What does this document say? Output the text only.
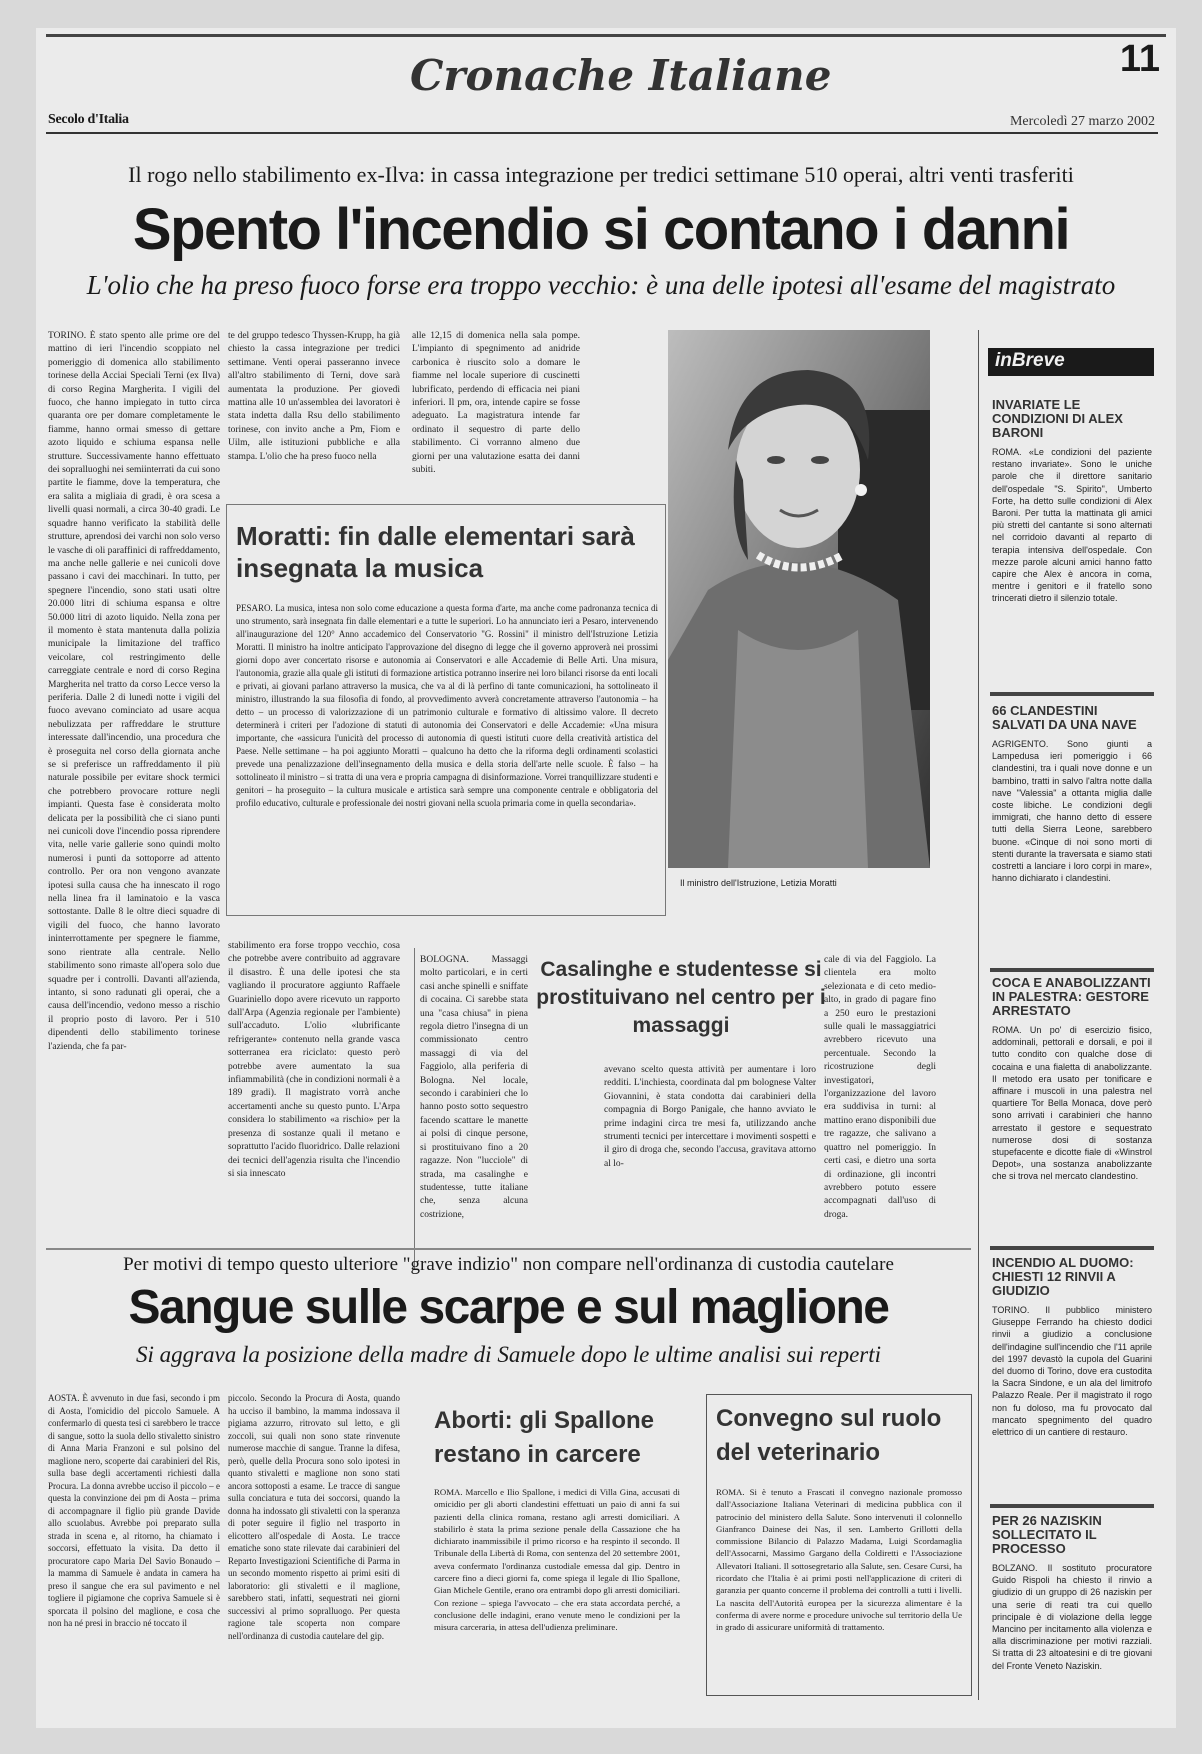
Cronache Italiane	11
Secolo d'Italia	Mercoledì 27 marzo 2002
Il rogo nello stabilimento ex-Ilva: in cassa integrazione per tredici settimane 510 operai, altri venti trasferiti
Spento l'incendio si contano i danni
L'olio che ha preso fuoco forse era troppo vecchio: è una delle ipotesi all'esame del magistrato

TORINO. È stato spento alle prime ore del mattino di ieri l'incendio scoppiato nel pomeriggio di domenica allo stabilimento torinese della Acciai Speciali Terni (ex Ilva) di corso Regina Margherita. I vigili del fuoco, che hanno impiegato in tutto circa quaranta ore per domare completamente le fiamme, hanno ormai smesso di gettare azoto liquido e schiuma espansa nelle strutture. Successivamente hanno effettuato dei sopralluoghi nei semiinterrati da cui sono partite le fiamme, dove la temperatura, che era salita a migliaia di gradi, è ora scesa a livelli quasi normali, a circa 30-40 gradi. Le squadre hanno verificato la stabilità delle strutture, aprendosi dei varchi non solo verso le vasche di oli paraffinici di raffreddamento, ma anche nelle gallerie e nei cunicoli dove passano i cavi dei macchinari. In tutto, per spegnere l'incendio, sono stati usati oltre 20.000 litri di schiuma espansa e oltre 50.000 litri di azoto liquido. Nella zona per il momento è stata mantenuta dalla polizia municipale la limitazione del traffico veicolare, col restringimento delle carreggiate centrale e nord di corso Regina Margherita nel tratto da corso Lecce verso la periferia. Dalle 2 di lunedì notte i vigili del fuoco avevano cominciato ad usare acqua nebulizzata per raffreddare le strutture interessate dall'incendio, una procedura che è proseguita nel corso della giornata anche se si preferisce un raffreddamento il più naturale possibile per evitare shock termici che potrebbero provocare rotture negli impianti. Questa fase è considerata molto delicata per la possibilità che ci siano punti nei cunicoli dove l'incendio possa riprendere vita, nelle varie gallerie sono quindi molto numerosi i punti da sottoporre ad attento controllo. Per ora non vengono avanzate ipotesi sulla causa che ha innescato il rogo nella linea fra il laminatoio e la vasca sottostante. Dalle 8 le oltre dieci squadre di vigili del fuoco, che hanno lavorato ininterrottamente per spegnere le fiamme, sono rientrate alla centrale. Nello stabilimento sono rimaste all'opera solo due squadre per i controlli. Davanti all'azienda, intanto, si sono radunati gli operai, che a causa dell'incendio, vedono messo a rischio il proprio posto di lavoro. Per i 510 dipendenti dello stabilimento torinese l'azienda, che fa par-

te del gruppo tedesco Thyssen-Krupp, ha già chiesto la cassa integrazione per tredici settimane. Venti operai passeranno invece all'altro stabilimento di Terni, dove sarà aumentata la produzione. Per giovedì mattina alle 10 un'assemblea dei lavoratori è stata indetta dalla Rsu dello stabilimento torinese, con invito anche a Pm, Fiom e Uilm, alle istituzioni pubbliche e alla stampa. L'olio che ha preso fuoco nella

alle 12,15 di domenica nella sala pompe. L'impianto di spegnimento ad anidride carbonica è riuscito solo a domare le fiamme nel locale superiore di cuscinetti lubrificato, perdendo di efficacia nei piani inferiori. Il pm, ora, intende capire se fosse adeguato. La magistratura intende far ordinato il sequestro di parte dello stabilimento. Ci vorranno almeno due giorni per una valutazione esatta dei danni subiti.

stabilimento era forse troppo vecchio, cosa che potrebbe avere contribuito ad aggravare il disastro. È una delle ipotesi che sta vagliando il procuratore aggiunto Raffaele Guariniello dopo avere ricevuto un rapporto dall'Arpa (Agenzia regionale per l'ambiente) sull'accaduto. L'olio «lubrificante refrigerante» contenuto nella grande vasca sotterranea era riciclato: questo però potrebbe avere aumentato la sua infiammabilità (che in condizioni normali è a 189 gradi). Il magistrato vorrà anche accertamenti anche su questo punto. L'Arpa considera lo stabilimento «a rischio» per la presenza di sostanze quali il metano e soprattutto l'acido fluoridrico. Dalle relazioni dei tecnici dell'agenzia risulta che l'incendio si sia innescato

Moratti: fin dalle elementari sarà insegnata la musica

PESARO. La musica, intesa non solo come educazione a questa forma d'arte, ma anche come padronanza tecnica di uno strumento, sarà insegnata fin dalle elementari e a tutte le superiori. Lo ha annunciato ieri a Pesaro, intervenendo all'inaugurazione del 120° Anno accademico del Conservatorio "G. Rossini" il ministro dell'Istruzione Letizia Moratti. Il ministro ha inoltre anticipato l'approvazione del disegno di legge che il governo approverà nei prossimi giorni dopo aver concertato risorse e autonomia ai Conservatori e alle Accademie di Belle Arti. Una misura, l'autonomia, grazie alla quale gli istituti di formazione artistica potranno inserire nei loro bilanci risorse da enti locali e privati, ai giovani parlano attraverso la musica, che va al di là perfino di tante comunicazioni, ha sottolineato il ministro, illustrando la sua filosofia di fondo, al provvedimento avverà concretamente attraverso l'autonomia – ha detto – un processo di valorizzazione di un patrimonio culturale e formativo di altissimo valore. Il decreto determinerà i criteri per l'adozione di statuti di autonomia dei Conservatori e delle Accademie: «Una misura importante, che «assicura l'unicità del processo di autonomia di questi istituti cuore della creatività artistica del Paese. Nelle settimane – ha poi aggiunto Moratti – qualcuno ha detto che la riforma degli ordinamenti scolastici prevede una penalizzazione dell'insegnamento della musica e della storia dell'arte nelle scuole. È falso – ha sottolineato il ministro – si tratta di una vera e propria campagna di disinformazione. Vorrei tranquillizzare studenti e genitori – ha proseguito – la cultura musicale e artistica sarà sempre una componente centrale e obbligatoria del profilo educativo, culturale e professionale dei nostri giovani nella scuola primaria come in quella secondaria».

Il ministro dell'Istruzione, Letizia Moratti

BOLOGNA. Massaggi molto particolari, e in certi casi anche spinelli e sniffate di cocaina. Ci sarebbe stata una "casa chiusa" in piena regola dietro l'insegna di un commissionato centro massaggi di via del Faggiolo, alla periferia di Bologna. Nel locale, secondo i carabinieri che lo hanno posto sotto sequestro facendo scattare le manette ai polsi di cinque persone, si prostituivano fino a 20 ragazze. Non "lucciole" di strada, ma casalinghe e studentesse, tutte italiane che, senza alcuna costrizione,

Casalinghe e studentesse si prostituivano nel centro per i massaggi

avevano scelto questa attività per aumentare i loro redditi. L'inchiesta, coordinata dal pm bolognese Valter Giovannini, è stata condotta dai carabinieri della compagnia di Borgo Panigale, che hanno avviato le prime indagini circa tre mesi fa, utilizzando anche strumenti tecnici per intercettare i movimenti sospetti e il giro di droga che, secondo l'accusa, gravitava attorno al lo-

cale di via del Faggiolo. La clientela era molto selezionata e di ceto medio-alto, in grado di pagare fino a 250 euro le prestazioni sulle quali le massaggiatrici avrebbero ricevuto una percentuale. Secondo la ricostruzione degli investigatori, l'organizzazione del lavoro era suddivisa in turni: al mattino erano disponibili due tre ragazze, che salivano a quattro nel pomeriggio. In certi casi, e dietro una sorta di ordinazione, gli incontri avrebbero potuto essere accompagnati dall'uso di droga.

inBreve
INVARIATE LE CONDIZIONI DI ALEX BARONI
ROMA. «Le condizioni del paziente restano invariate». Sono le uniche parole che il direttore sanitario dell'ospedale "S. Spirito", Umberto Forte, ha detto sulle condizioni di Alex Baroni. Per tutta la mattinata gli amici più stretti del cantante si sono alternati nel corridoio davanti al reparto di terapia intensiva dell'ospedale. Con mezze parole alcuni amici hanno fatto capire che Alex è ancora in coma, mentre i genitori e il fratello sono trincerati dietro il silenzio totale.
66 CLANDESTINI SALVATI DA UNA NAVE
AGRIGENTO. Sono giunti a Lampedusa ieri pomeriggio i 66 clandestini, tra i quali nove donne e un bambino, tratti in salvo l'altra notte dalla nave "Valessia" a ottanta miglia dalle coste libiche. Le condizioni degli immigrati, che hanno detto di essere tutti della Sierra Leone, sarebbero buone. «Cinque di noi sono morti di stenti durante la traversata e siamo stati costretti a lanciare i loro corpi in mare», hanno dichiarato i clandestini.
COCA E ANABOLIZZANTI IN PALESTRA: GESTORE ARRESTATO
ROMA. Un po' di esercizio fisico, addominali, pettorali e dorsali, e poi il tutto condito con qualche dose di cocaina e una fialetta di anabolizzante. Il metodo era usato per tonificare e affinare i muscoli in una palestra nel quartiere Tor Bella Monaca, dove però sono arrivati i carabinieri che hanno arrestato il gestore e sequestrato numerose dosi di sostanza stupefacente e dicotte fiale di «Winstrol Depot», una sostanza anabolizzante che si trova nel mercato clandestino.
INCENDIO AL DUOMO: CHIESTI 12 RINVII A GIUDIZIO
TORINO. Il pubblico ministero Giuseppe Ferrando ha chiesto dodici rinvii a giudizio a conclusione dell'indagine sull'incendio che l'11 aprile del 1997 devastò la cupola del Guarini del duomo di Torino, dove era custodita la Sacra Sindone, e un ala del limitrofo Palazzo Reale. Per il magistrato il rogo non fu doloso, ma fu provocato dal mancato spegnimento del quadro elettrico di un cantiere di restauro.
PER 26 NAZISKIN SOLLECITATO IL PROCESSO
BOLZANO. Il sostituto procuratore Guido Rispoli ha chiesto il rinvio a giudizio di un gruppo di 26 naziskin per una serie di reati tra cui quello principale è di violazione della legge Mancino per incitamento alla violenza e alla discriminazione per motivi razziali. Si tratta di 23 altoatesini e di tre giovani del Fronte Veneto Naziskin.
Per motivi di tempo questo ulteriore "grave indizio" non compare nell'ordinanza di custodia cautelare
Sangue sulle scarpe e sul maglione
Si aggrava la posizione della madre di Samuele dopo le ultime analisi sui reperti

AOSTA. È avvenuto in due fasi, secondo i pm di Aosta, l'omicidio del piccolo Samuele. A confermarlo di questa tesi ci sarebbero le tracce di sangue, sotto la suola dello stivaletto sinistro di Anna Maria Franzoni e sul polsino del maglione nero, scoperte dai carabinieri del Ris, sulla base degli accertamenti richiesti dalla Procura. La donna avrebbe ucciso il piccolo – e questa la convinzione dei pm di Aosta – prima di accompagnare il figlio più grande Davide allo scuolabus. Avrebbe poi preparato sulla strada in scena e, al ritorno, ha chiamato i soccorsi, effettuato la visita. Da detto il procuratore capo Maria Del Savio Bonaudo – la mamma di Samuele è andata in camera ha preso il sangue che era sul pavimento e nel togliere il pigiamone che copriva Samuele si è sporcata il polsino del maglione, e cosa che non ha né presi in braccio né toccato il

piccolo. Secondo la Procura di Aosta, quando ha ucciso il bambino, la mamma indossava il pigiama azzurro, ritrovato sul letto, e gli zoccoli, sui quali non sono state rinvenute numerose macchie di sangue. Tranne la difesa, però, quelle della Procura sono solo ipotesi in quanto stivaletti e maglione non sono stati ancora sottoposti a esame. Le tracce di sangue sulla conciatura e tuta dei soccorsi, quando la donna ha indossato gli stivaletti con la speranza di poter seguire il figlio nel trasporto in elicottero all'ospedale di Aosta. Le tracce ematiche sono state rilevate dai carabinieri del Reparto Investigazioni Scientifiche di Parma in un secondo momento rispetto ai primi esiti di laboratorio: gli stivaletti e il maglione, sarebbero stati, infatti, sequestrati nei giorni successivi al primo sopralluogo. Per questa ragione tale scoperta non compare nell'ordinanza di custodia cautelare del gip.

Aborti: gli Spallone restano in carcere

ROMA. Marcello e Ilio Spallone, i medici di Villa Gina, accusati di omicidio per gli aborti clandestini effettuati un paio di anni fa sui pazienti della clinica romana, restano agli arresti domiciliari. A stabilirlo è stata la prima sezione penale della Cassazione che ha dichiarato inammissibile il primo ricorso e ha respinto il secondo. Il Tribunale della Libertà di Roma, con sentenza del 20 settembre 2001, aveva confermato l'ordinanza custodiale emessa dal gip. Dentro in carcere fino a dieci giorni fa, come spiega il legale di Ilio Spallone, Gian Michele Gentile, erano ora entrambi dopo gli arresti domiciliari. Con rezione – spiega l'avvocato – che era stata accordata perché, a conclusione delle indagini, erano venute meno le condizioni per la misura carceraria, in attesa dell'udienza preliminare.

Convegno sul ruolo del veterinario

ROMA. Si è tenuto a Frascati il convegno nazionale promosso dall'Associazione Italiana Veterinari di medicina pubblica con il patrocinio del ministero della Salute. Sono intervenuti il colonnello Gianfranco Dainese dei Nas, il sen. Lamberto Grillotti della commissione Bilancio di Palazzo Madama, Luigi Scordamaglia dell'Assocarni, Massimo Gargano della Coldiretti e l'Associazione Allevatori Italiani. Il sottosegretario alla Salute, sen. Cesare Cursi, ha ricordato che l'Italia è ai primi posti nell'applicazione di criteri di garanzia per quanto concerne il problema dei controlli a tutti i livelli. La nascita dell'Autorità europea per la sicurezza alimentare è la conferma di avere norme e procedure univoche sul territorio della Ue in grado di assicurare uniformità di trattamento.
